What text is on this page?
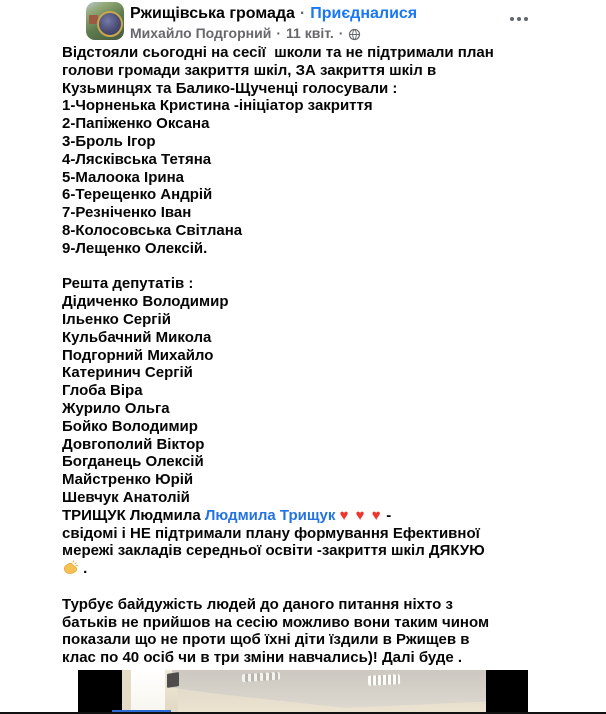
Ржищівська громада · Приєдналися
Михайло Подгорний · 11 квіт. ·
Відстояли сьогодні на сесії  школи та не підтримали план
голови громади закриття шкіл, ЗА закриття шкіл в
Кузьминцях та Балико-Щученці голосували :
1-Чорненька Кристина -ініціатор закриття
2-Папіженко Оксана
3-Броль Ігор
4-Лясківська Тетяна
5-Малоока Ірина
6-Терещенко Андрій
7-Резніченко Іван
8-Колосовська Світлана
9-Лещенко Олексій.
Решта депутатів :
Дідиченко Володимир
Ільенко Сергій
Кульбачний Микола
Подгорний Михайло
Катеринич Сергій
Глоба Віра
Журило Ольга
Бойко Володимир
Довгополий Віктор
Богданець Олексій
Майстренко Юрій
Шевчук Анатолій
ТРИЩУК Людмила Людмила Трищук ♥ ♥ ♥ -
свідомі і НЕ підтримали плану формування Ефективної
мережі закладів середньої освіти -закриття шкіл ДЯКУЮ
.
Турбує байдужість людей до даного питання ніхто з
батьків не прийшов на сесію можливо вони таким чином
показали що не проти щоб їхні діти їздили в Ржищев в
клас по 40 осіб чи в три зміни навчались)! Далі буде .
